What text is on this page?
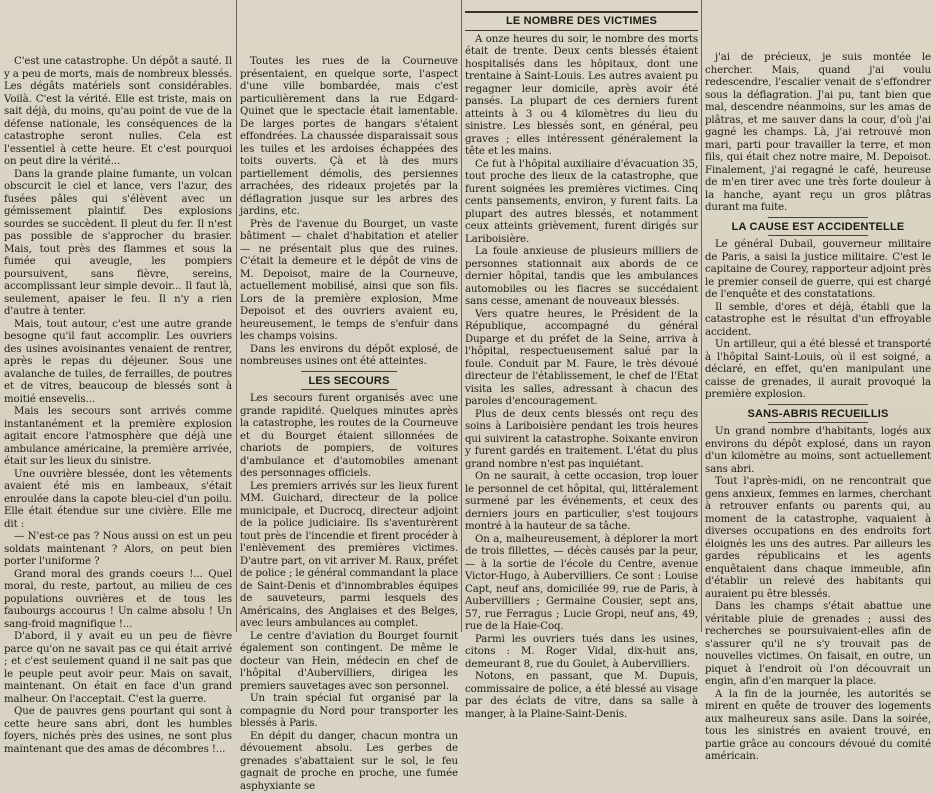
C'est une catastrophe. Un dépôt a sauté. Il y a peu de morts, mais de nombreux blessés. Les dégâts matériels sont considérables. Voilà. C'est la vérité. Elle est triste, mais on sait déjà, du moins, qu'au point de vue de la défense nationale, les conséquences de la catastrophe seront nulles. Cela est l'essentiel à cette heure. Et c'est pourquoi on peut dire la vérité...

Dans la grande plaine fumante, un volcan obscurcit le ciel et lance, vers l'azur, des fusées pâles qui s'élèvent avec un gémissement plaintif. Des explosions sourdes se succèdent. Il pleut du fer. Il n'est pas possible de s'approcher du brasier. Mais, tout près des flammes et sous la fumée qui aveugle, les pompiers poursuivent, sans fièvre, sereins, accomplissant leur simple devoir... Il faut là, seulement, apaiser le feu. Il n'y a rien d'autre à tenter.

Mais, tout autour, c'est une autre grande besogne qu'il faut accomplir. Les ouvriers des usines avoisinantes venaient de rentrer, après le repas du déjeuner. Sous une avalanche de tuiles, de ferrailles, de poutres et de vitres, beaucoup de blessés sont à moitié ensevelis...

Mais les secours sont arrivés comme instantanément et la première explosion agitait encore l'atmosphère que déjà une ambulance américaine, la première arrivée, était sur les lieux du sinistre.

Une ouvrière blessée, dont les vêtements avaient été mis en lambeaux, s'était enroulée dans la capote bleu-ciel d'un poilu. Elle était étendue sur une civière. Elle me dit :

— N'est-ce pas ? Nous aussi on est un peu soldats maintenant ? Alors, on peut bien porter l'uniforme ?

Grand moral des grands coeurs !... Quel moral, du reste, partout, au milieu de ces populations ouvrières et de tous les faubourgs accourus ! Un calme absolu ! Un sang-froid magnifique !...

D'abord, il y avait eu un peu de fièvre parce qu'on ne savait pas ce qui était arrivé ; et c'est seulement quand il ne sait pas que le peuple peut avoir peur. Mais on savait, maintenant. On était en face d'un grand malheur. On l'acceptait. C'est la guerre.

Que de pauvres gens pourtant qui sont à cette heure sans abri, dont les humbles foyers, nichés près des usines, ne sont plus maintenant que des amas de décombres !...

Toutes les rues de la Courneuve présentaient, en quelque sorte, l'aspect d'une ville bombardée, mais c'est particulièrement dans la rue Edgard-Quinet que le spectacle était lamentable. De larges portes de hangars s'étaient effondrées. La chaussée disparaissait sous les tuiles et les ardoises échappées des toits ouverts. Çà et là des murs partiellement démolis, des persiennes arrachées, des rideaux projetés par la déflagration jusque sur les arbres des jardins, etc.

Près de l'avenue du Bourget, un vaste bâtiment — chalet d'habitation et atelier — ne présentait plus que des ruines. C'était la demeure et le dépôt de vins de M. Depoisot, maire de la Courneuve, actuellement mobilisé, ainsi que son fils. Lors de la première explosion, Mme Depoisot et des ouvriers avaient eu, heureusement, le temps de s'enfuir dans les champs voisins.

Dans les environs du dépôt explosé, de nombreuses usines ont été atteintes.

LES SECOURS

Les secours furent organisés avec une grande rapidité. Quelques minutes après la catastrophe, les routes de la Courneuve et du Bourget étaient sillonnées de chariots de pompiers, de voitures d'ambulance et d'automobiles amenant des personnages officiels.

Les premiers arrivés sur les lieux furent MM. Guichard, directeur de la police municipale, et Ducrocq, directeur adjoint de la police judiciaire. Ils s'aventurèrent tout près de l'incendie et firent procéder à l'enlèvement des premières victimes. D'autre part, on vit arriver M. Raux, préfet de police ; le général commandant la place de Saint-Denis et d'innombrables équipes de sauveteurs, parmi lesquels des Américains, des Anglaises et des Belges, avec leurs ambulances au complet.

Le centre d'aviation du Bourget fournit également son contingent. De même le docteur van Hein, médecin en chef de l'hôpital d'Aubervilliers, dirigea les premiers sauvetages avec son personnel.

Un train spécial fut organisé par la compagnie du Nord pour transporter les blessés à Paris.

En dépit du danger, chacun montra un dévouement absolu. Les gerbes de grenades s'abattaient sur le sol, le feu gagnait de proche en proche, une fumée asphyxiante se

LE NOMBRE DES VICTIMES

A onze heures du soir, le nombre des morts était de trente. Deux cents blessés étaient hospitalisés dans les hôpitaux, dont une trentaine à Saint-Louis. Les autres avaient pu regagner leur domicile, après avoir été pansés. La plupart de ces derniers furent atteints à 3 ou 4 kilomètres du lieu du sinistre. Les blessés sont, en général, peu graves ; elles intéressent généralement la tête et les mains.

Ce fut à l'hôpital auxiliaire d'évacuation 35, tout proche des lieux de la catastrophe, que furent soignées les premières victimes. Cinq cents pansements, environ, y furent faits. La plupart des autres blessés, et notamment ceux atteints grièvement, furent dirigés sur Lariboisière.

La foule anxieuse de plusieurs milliers de personnes stationnait aux abords de ce dernier hôpital, tandis que les ambulances automobiles ou les fiacres se succédaient sans cesse, amenant de nouveaux blessés.

Vers quatre heures, le Président de la République, accompagné du général Duparge et du préfet de la Seine, arriva à l'hôpital, respectueusement salué par la foule. Conduit par M. Faure, le très dévoué directeur de l'établissement, le chef de l'Etat visita les salles, adressant à chacun des paroles d'encouragement.

Plus de deux cents blessés ont reçu des soins à Lariboisière pendant les trois heures qui suivirent la catastrophe. Soixante environ y furent gardés en traitement. L'état du plus grand nombre n'est pas inquiétant.

On ne saurait, à cette occasion, trop louer le personnel de cet hôpital, qui, littéralement surmené par les événements, et ceux des derniers jours en particulier, s'est toujours montré à la hauteur de sa tâche.

On a, malheureusement, à déplorer la mort de trois fillettes, — décès causés par la peur, — à la sortie de l'école du Centre, avenue Victor-Hugo, à Aubervilliers. Ce sont : Louise Capt, neuf ans, domiciliée 99, rue de Paris, à Aubervilliers ; Germaine Cousier, sept ans, 57, rue Ferragus ; Lucie Gropi, neuf ans, 49, rue de la Haie-Coq.

Parmi les ouvriers tués dans les usines, citons : M. Roger Vidal, dix-huit ans, demeurant 8, rue du Goulet, à Aubervilliers.

Notons, en passant, que M. Dupuis, commissaire de police, a été blessé au visage par des éclats de vitre, dans sa salle à manger, à la Plaine-Saint-Denis.

j'ai de précieux, je suis montée le chercher. Mais, quand j'ai voulu redescendre, l'escalier venait de s'effondrer sous la déflagration. J'ai pu, tant bien que mal, descendre néanmoins, sur les amas de plâtras, et me sauver dans la cour, d'où j'ai gagné les champs. Là, j'ai retrouvé mon mari, parti pour travailler la terre, et mon fils, qui était chez notre maire, M. Depoisot. Finalement, j'ai regagné le café, heureuse de m'en tirer avec une très forte douleur à la hanche, ayant reçu un gros plâtras durant ma fuite.

LA CAUSE EST ACCIDENTELLE

Le général Dubail, gouverneur militaire de Paris, a saisi la justice militaire. C'est le capitaine de Courey, rapporteur adjoint près le premier conseil de guerre, qui est chargé de l'enquête et des constatations.

Il semble, d'ores et déjà, établi que la catastrophe est le résultat d'un effroyable accident.

Un artilleur, qui a été blessé et transporté à l'hôpital Saint-Louis, où il est soigné, a déclaré, en effet, qu'en manipulant une caisse de grenades, il aurait provoqué la première explosion.

SANS-ABRIS RECUEILLIS

Un grand nombre d'habitants, logés aux environs du dépôt explosé, dans un rayon d'un kilomètre au moins, sont actuellement sans abri.

Tout l'après-midi, on ne rencontrait que gens anxieux, femmes en larmes, cherchant à retrouver enfants ou parents qui, au moment de la catastrophe, vaquaient à diverses occupations en des endroits fort éloignés les uns des autres. Par ailleurs les gardes républicains et les agents enquêtaient dans chaque immeuble, afin d'établir un relevé des habitants qui auraient pu être blessés.

Dans les champs s'était abattue une véritable pluie de grenades ; aussi des recherches se poursuivaient-elles afin de s'assurer qu'il ne s'y trouvait pas de nouvelles victimes. On faisait, en outre, un piquet à l'endroit où l'on découvrait un engin, afin d'en marquer la place.

A la fin de la journée, les autorités se mirent en quête de trouver des logements aux malheureux sans asile. Dans la soirée, tous les sinistrés en avaient trouvé, en partie grâce au concours dévoué du comité américain.
